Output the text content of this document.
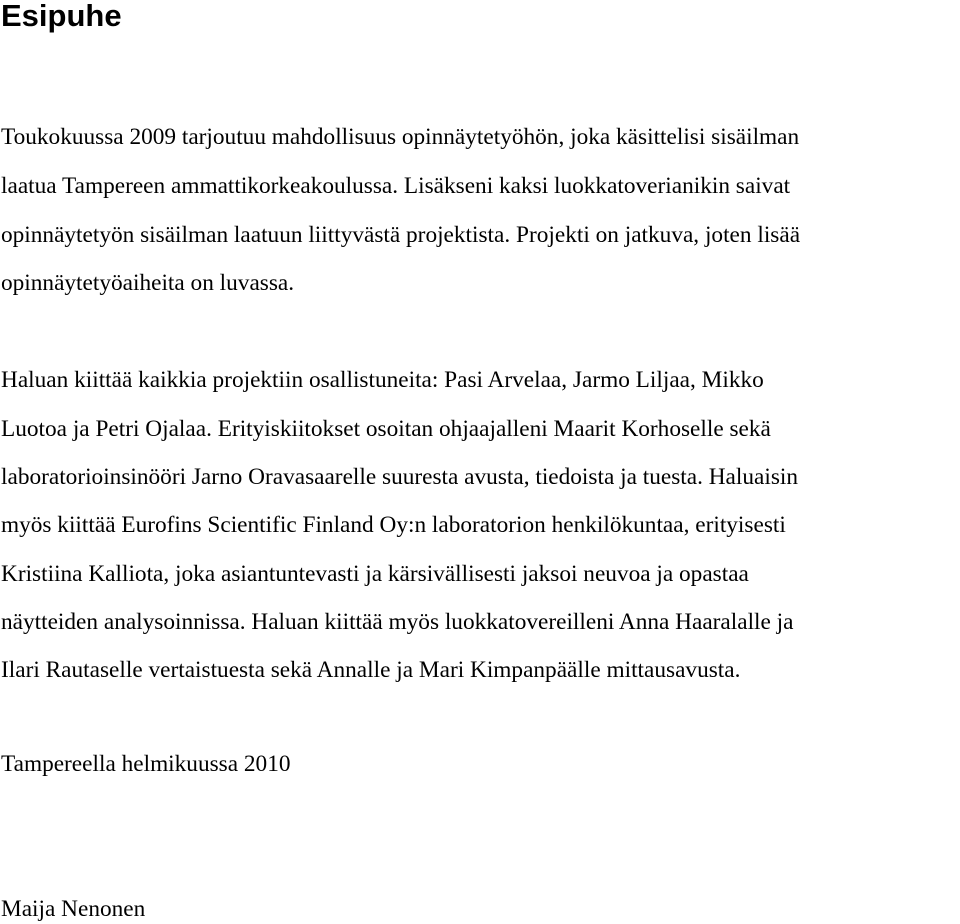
Esipuhe

Toukokuussa 2009 tarjoutuu mahdollisuus opinnäytetyöhön, joka käsittelisi sisäilman

laatua Tampereen ammattikorkeakoulussa. Lisäkseni kaksi luokkatoverianikin saivat

opinnäytetyön sisäilman laatuun liittyvästä projektista. Projekti on jatkuva, joten lisää

opinnäytetyöaiheita on luvassa.

Haluan kiittää kaikkia projektiin osallistuneita: Pasi Arvelaa, Jarmo Liljaa, Mikko

Luotoa ja Petri Ojalaa. Erityiskiitokset osoitan ohjaajalleni Maarit Korhoselle sekä

laboratorioinsinööri Jarno Oravasaarelle suuresta avusta, tiedoista ja tuesta. Haluaisin

myös kiittää Eurofins Scientific Finland Oy:n laboratorion henkilökuntaa, erityisesti

Kristiina Kalliota, joka asiantuntevasti ja kärsivällisesti jaksoi neuvoa ja opastaa

näytteiden analysoinnissa. Haluan kiittää myös luokkatovereilleni Anna Haaralalle ja

Ilari Rautaselle vertaistuesta sekä Annalle ja Mari Kimpanpäälle mittausavusta.

Tampereella helmikuussa 2010

Maija Nenonen
